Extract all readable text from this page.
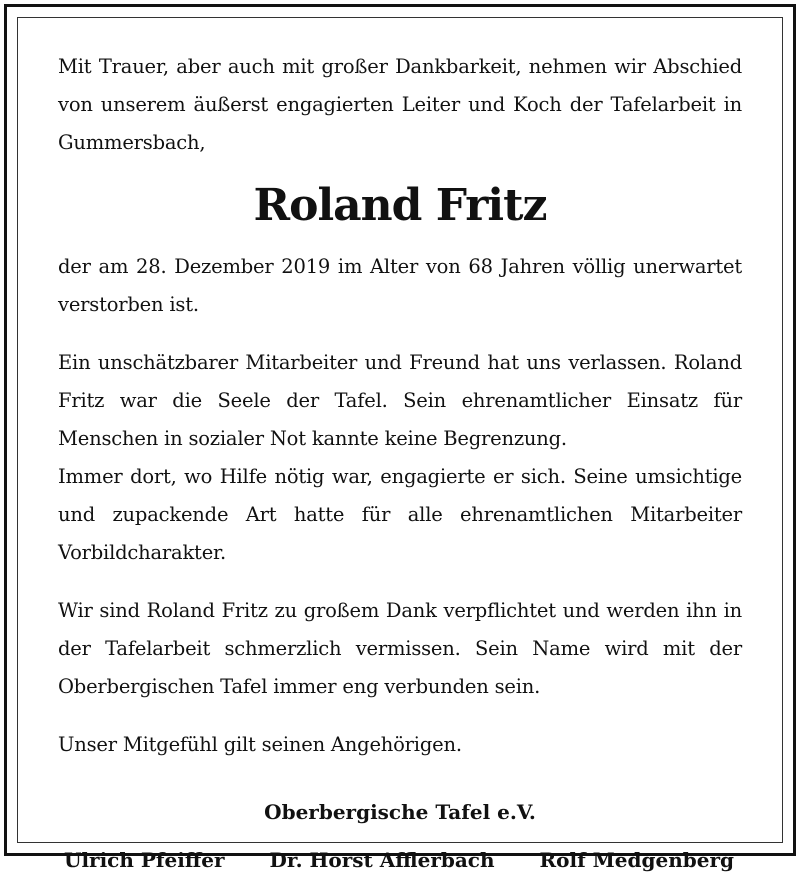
Mit Trauer, aber auch mit großer Dankbarkeit, nehmen wir Abschied von unserem äußerst engagierten Leiter und Koch der Tafelarbeit in Gummersbach,

Roland Fritz

der am 28. Dezember 2019 im Alter von 68 Jahren völlig unerwartet verstorben ist.

Ein unschätzbarer Mitarbeiter und Freund hat uns verlassen. Roland Fritz war die Seele der Tafel. Sein ehrenamtlicher Einsatz für Menschen in sozialer Not kannte keine Begrenzung.

Immer dort, wo Hilfe nötig war, engagierte er sich. Seine umsichtige und zupackende Art hatte für alle ehrenamtlichen Mitarbeiter Vorbildcharakter.

Wir sind Roland Fritz zu großem Dank verpflichtet und werden ihn in der Tafelarbeit schmerzlich vermissen. Sein Name wird mit der Oberbergischen Tafel immer eng verbunden sein.

Unser Mitgefühl gilt seinen Angehörigen.

Oberbergische Tafel e.V.
Ulrich Pfeiffer Dr. Horst Afflerbach Rolf Medgenberg
